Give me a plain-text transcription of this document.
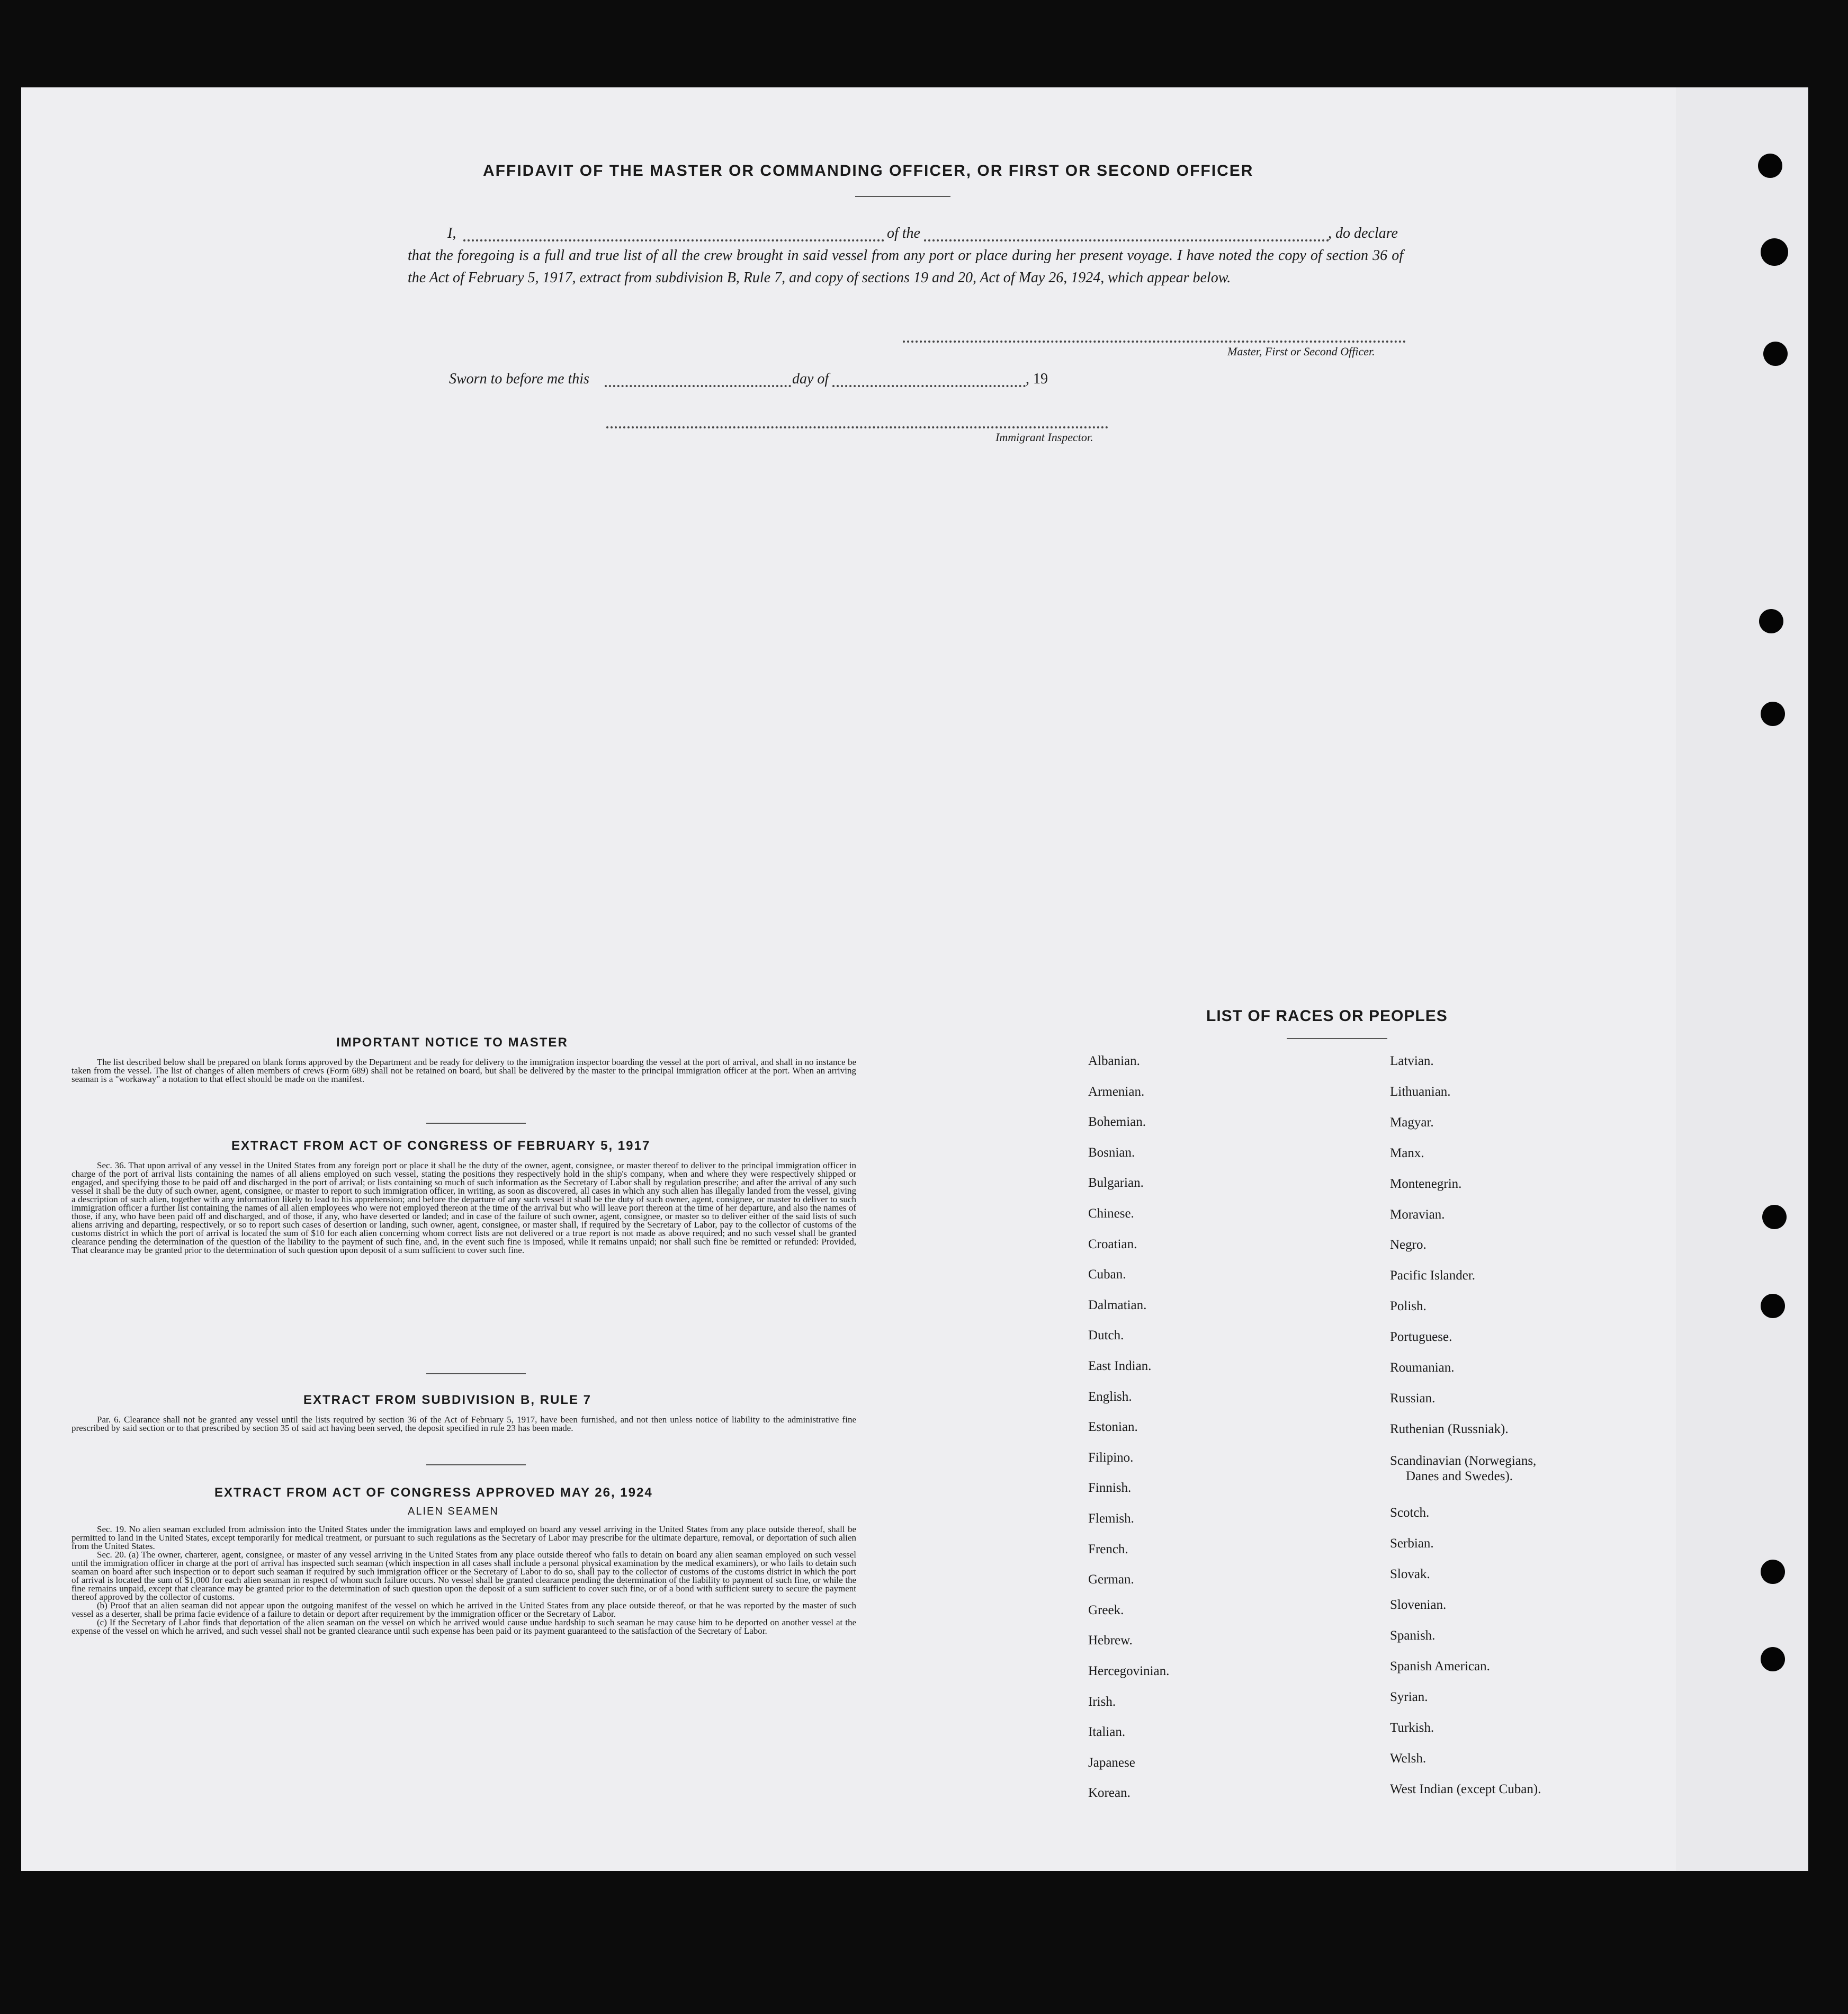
AFFIDAVIT OF THE MASTER OR COMMANDING OFFICER, OR FIRST OR SECOND OFFICER
I,	of the	, do declare

that the foregoing is a full and true list of all the crew brought in said vessel from any port or place during her present voyage. I have noted the copy of section 36 of the Act of February 5, 1917, extract from subdivision B, Rule 7, and copy of sections 19 and 20, Act of May 26, 1924, which appear below.

Master, First or Second Officer.
Sworn to before me this	day of	, 19
Immigrant Inspector.
IMPORTANT NOTICE TO MASTER

The list described below shall be prepared on blank forms approved by the Department and be ready for delivery to the immigration inspector boarding the vessel at the port of arrival, and shall in no instance be taken from the vessel. The list of changes of alien members of crews (Form 689) shall not be retained on board, but shall be delivered by the master to the principal immigration officer at the port. When an arriving seaman is a "workaway" a notation to that effect should be made on the manifest.

EXTRACT FROM ACT OF CONGRESS OF FEBRUARY 5, 1917

Sec. 36. That upon arrival of any vessel in the United States from any foreign port or place it shall be the duty of the owner, agent, consignee, or master thereof to deliver to the principal immigration officer in charge of the port of arrival lists containing the names of all aliens employed on such vessel, stating the positions they respectively hold in the ship's company, when and where they were respectively shipped or engaged, and specifying those to be paid off and discharged in the port of arrival; or lists containing so much of such information as the Secretary of Labor shall by regulation prescribe; and after the arrival of any such vessel it shall be the duty of such owner, agent, consignee, or master to report to such immigration officer, in writing, as soon as discovered, all cases in which any such alien has illegally landed from the vessel, giving a description of such alien, together with any information likely to lead to his apprehension; and before the departure of any such vessel it shall be the duty of such owner, agent, consignee, or master to deliver to such immigration officer a further list containing the names of all alien employees who were not employed thereon at the time of the arrival but who will leave port thereon at the time of her departure, and also the names of those, if any, who have been paid off and discharged, and of those, if any, who have deserted or landed; and in case of the failure of such owner, agent, consignee, or master so to deliver either of the said lists of such aliens arriving and departing, respectively, or so to report such cases of desertion or landing, such owner, agent, consignee, or master shall, if required by the Secretary of Labor, pay to the collector of customs of the customs district in which the port of arrival is located the sum of $10 for each alien concerning whom correct lists are not delivered or a true report is not made as above required; and no such vessel shall be granted clearance pending the determination of the question of the liability to the payment of such fine, and, in the event such fine is imposed, while it remains unpaid; nor shall such fine be remitted or refunded: Provided, That clearance may be granted prior to the determination of such question upon deposit of a sum sufficient to cover such fine.

EXTRACT FROM SUBDIVISION B, RULE 7

Par. 6. Clearance shall not be granted any vessel until the lists required by section 36 of the Act of February 5, 1917, have been furnished, and not then unless notice of liability to the administrative fine prescribed by said section or to that prescribed by section 35 of said act having been served, the deposit specified in rule 23 has been made.

EXTRACT FROM ACT OF CONGRESS APPROVED MAY 26, 1924
ALIEN SEAMEN

Sec. 19. No alien seaman excluded from admission into the United States under the immigration laws and employed on board any vessel arriving in the United States from any place outside thereof, shall be permitted to land in the United States, except temporarily for medical treatment, or pursuant to such regulations as the Secretary of Labor may prescribe for the ultimate departure, removal, or deportation of such alien from the United States.

Sec. 20. (a) The owner, charterer, agent, consignee, or master of any vessel arriving in the United States from any place outside thereof who fails to detain on board any alien seaman employed on such vessel until the immigration officer in charge at the port of arrival has inspected such seaman (which inspection in all cases shall include a personal physical examination by the medical examiners), or who fails to detain such seaman on board after such inspection or to deport such seaman if required by such immigration officer or the Secretary of Labor to do so, shall pay to the collector of customs of the customs district in which the port of arrival is located the sum of $1,000 for each alien seaman in respect of whom such failure occurs. No vessel shall be granted clearance pending the determination of the liability to payment of such fine, or while the fine remains unpaid, except that clearance may be granted prior to the determination of such question upon the deposit of a sum sufficient to cover such fine, or of a bond with sufficient surety to secure the payment thereof approved by the collector of customs.

(b) Proof that an alien seaman did not appear upon the outgoing manifest of the vessel on which he arrived in the United States from any place outside thereof, or that he was reported by the master of such vessel as a deserter, shall be prima facie evidence of a failure to detain or deport after requirement by the immigration officer or the Secretary of Labor.

(c) If the Secretary of Labor finds that deportation of the alien seaman on the vessel on which he arrived would cause undue hardship to such seaman he may cause him to be deported on another vessel at the expense of the vessel on which he arrived, and such vessel shall not be granted clearance until such expense has been paid or its payment guaranteed to the satisfaction of the Secretary of Labor.

LIST OF RACES OR PEOPLES
Albanian.
Armenian.
Bohemian.
Bosnian.
Bulgarian.
Chinese.
Croatian.
Cuban.
Dalmatian.
Dutch.
East Indian.
English.
Estonian.
Filipino.
Finnish.
Flemish.
French.
German.
Greek.
Hebrew.
Hercegovinian.
Irish.
Italian.
Japanese
Korean.
Latvian.
Lithuanian.
Magyar.
Manx.
Montenegrin.
Moravian.
Negro.
Pacific Islander.
Polish.
Portuguese.
Roumanian.
Russian.
Ruthenian (Russniak).
Scandinavian (Norwegians,
Danes and Swedes).
Scotch.
Serbian.
Slovak.
Slovenian.
Spanish.
Spanish American.
Syrian.
Turkish.
Welsh.
West Indian (except Cuban).
